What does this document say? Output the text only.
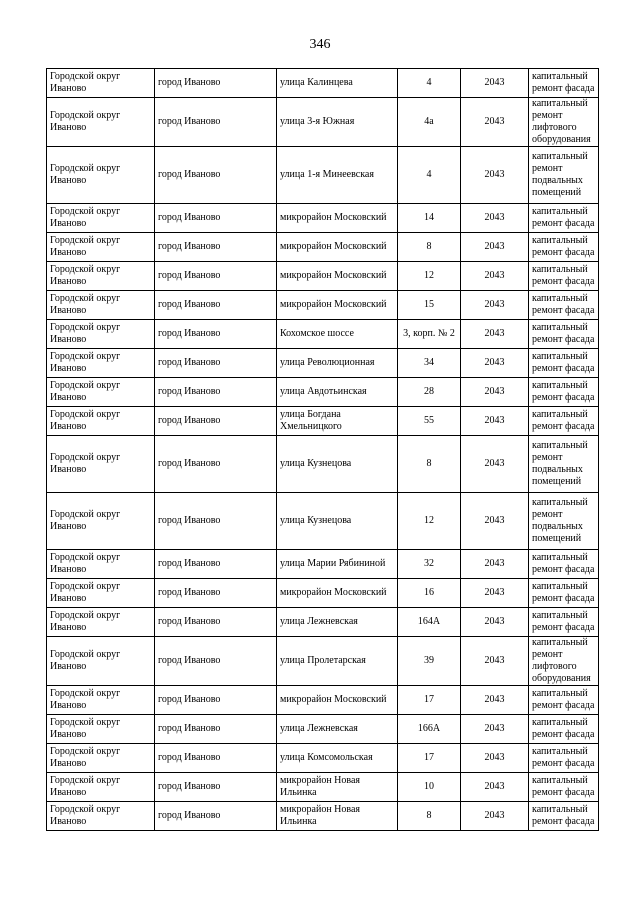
346
Городской округ Иваново	город Иваново	улица Калинцева	4	2043	капитальный ремонт фасада
Городской округ Иваново	город Иваново	улица 3-я Южная	4а	2043	капитальный ремонт лифтового оборудования
Городской округ Иваново	город Иваново	улица 1-я Минеевская	4	2043	капитальный ремонт подвальных помещений
Городской округ Иваново	город Иваново	микрорайон Московский	14	2043	капитальный ремонт фасада
Городской округ Иваново	город Иваново	микрорайон Московский	8	2043	капитальный ремонт фасада
Городской округ Иваново	город Иваново	микрорайон Московский	12	2043	капитальный ремонт фасада
Городской округ Иваново	город Иваново	микрорайон Московский	15	2043	капитальный ремонт фасада
Городской округ Иваново	город Иваново	Кохомское шоссе	3, корп. № 2	2043	капитальный ремонт фасада
Городской округ Иваново	город Иваново	улица Революционная	34	2043	капитальный ремонт фасада
Городской округ Иваново	город Иваново	улица Авдотьинская	28	2043	капитальный ремонт фасада
Городской округ Иваново	город Иваново	улица Богдана Хмельницкого	55	2043	капитальный ремонт фасада
Городской округ Иваново	город Иваново	улица Кузнецова	8	2043	капитальный ремонт подвальных помещений
Городской округ Иваново	город Иваново	улица Кузнецова	12	2043	капитальный ремонт подвальных помещений
Городской округ Иваново	город Иваново	улица Марии Рябининой	32	2043	капитальный ремонт фасада
Городской округ Иваново	город Иваново	микрорайон Московский	16	2043	капитальный ремонт фасада
Городской округ Иваново	город Иваново	улица Лежневская	164А	2043	капитальный ремонт фасада
Городской округ Иваново	город Иваново	улица Пролетарская	39	2043	капитальный ремонт лифтового оборудования
Городской округ Иваново	город Иваново	микрорайон Московский	17	2043	капитальный ремонт фасада
Городской округ Иваново	город Иваново	улица Лежневская	166А	2043	капитальный ремонт фасада
Городской округ Иваново	город Иваново	улица Комсомольская	17	2043	капитальный ремонт фасада
Городской округ Иваново	город Иваново	микрорайон Новая Ильинка	10	2043	капитальный ремонт фасада
Городской округ Иваново	город Иваново	микрорайон Новая Ильинка	8	2043	капитальный ремонт фасада
